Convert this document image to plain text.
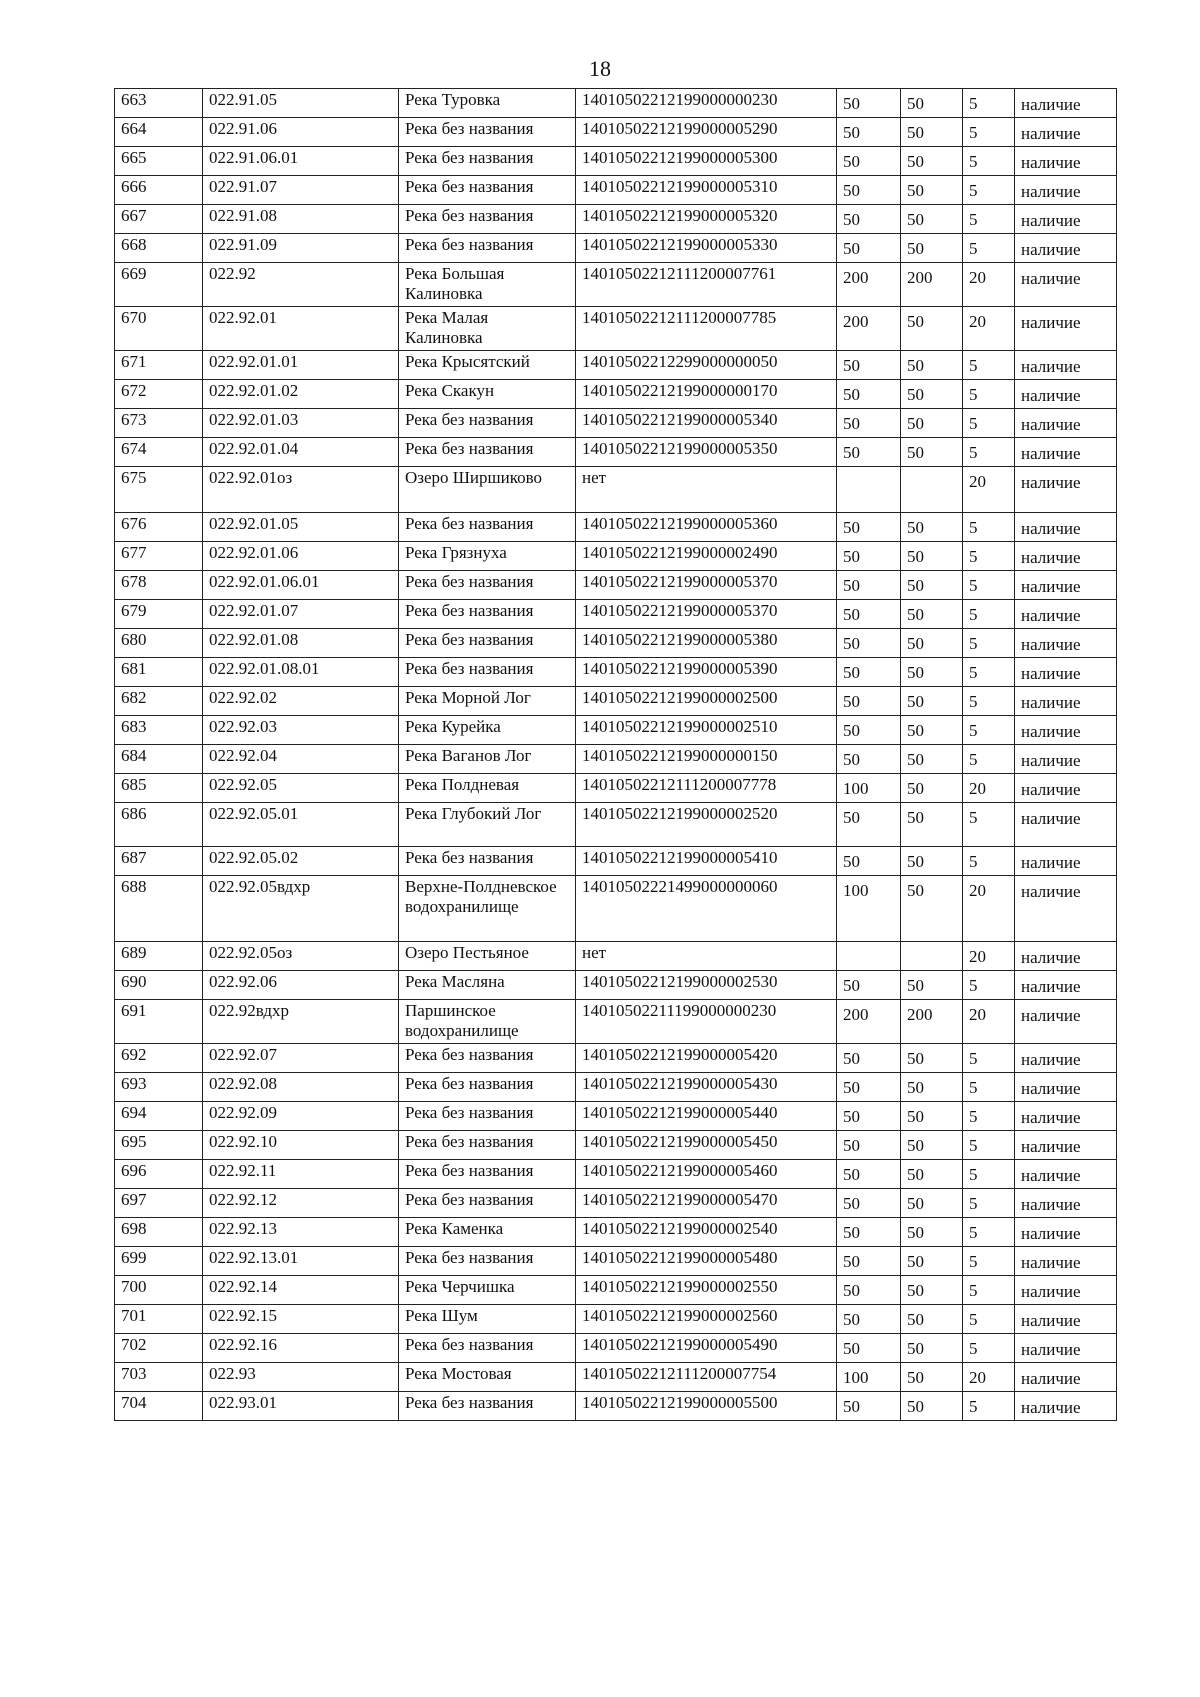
18
663	022.91.05	Река Туровка	14010502212199000000230	50	50	5	наличие
664	022.91.06	Река без названия	14010502212199000005290	50	50	5	наличие
665	022.91.06.01	Река без названия	14010502212199000005300	50	50	5	наличие
666	022.91.07	Река без названия	14010502212199000005310	50	50	5	наличие
667	022.91.08	Река без названия	14010502212199000005320	50	50	5	наличие
668	022.91.09	Река без названия	14010502212199000005330	50	50	5	наличие
669	022.92	Река Большая Калиновка	14010502212111200007761	200	200	20	наличие
670	022.92.01	Река Малая Калиновка	14010502212111200007785	200	50	20	наличие
671	022.92.01.01	Река Крысятский	14010502212299000000050	50	50	5	наличие
672	022.92.01.02	Река Скакун	14010502212199000000170	50	50	5	наличие
673	022.92.01.03	Река без названия	14010502212199000005340	50	50	5	наличие
674	022.92.01.04	Река без названия	14010502212199000005350	50	50	5	наличие
675	022.92.01оз	Озеро Ширшиково	нет			20	наличие
676	022.92.01.05	Река без названия	14010502212199000005360	50	50	5	наличие
677	022.92.01.06	Река Грязнуха	14010502212199000002490	50	50	5	наличие
678	022.92.01.06.01	Река без названия	14010502212199000005370	50	50	5	наличие
679	022.92.01.07	Река без названия	14010502212199000005370	50	50	5	наличие
680	022.92.01.08	Река без названия	14010502212199000005380	50	50	5	наличие
681	022.92.01.08.01	Река без названия	14010502212199000005390	50	50	5	наличие
682	022.92.02	Река Морной Лог	14010502212199000002500	50	50	5	наличие
683	022.92.03	Река Курейка	14010502212199000002510	50	50	5	наличие
684	022.92.04	Река Ваганов Лог	14010502212199000000150	50	50	5	наличие
685	022.92.05	Река Полдневая	14010502212111200007778	100	50	20	наличие
686	022.92.05.01	Река Глубокий Лог	14010502212199000002520	50	50	5	наличие
687	022.92.05.02	Река без названия	14010502212199000005410	50	50	5	наличие
688	022.92.05вдхр	Верхне-Полдневское водохранилище	14010502221499000000060	100	50	20	наличие
689	022.92.05оз	Озеро Пестьяное	нет			20	наличие
690	022.92.06	Река Масляна	14010502212199000002530	50	50	5	наличие
691	022.92вдхр	Паршинское водохранилище	14010502211199000000230	200	200	20	наличие
692	022.92.07	Река без названия	14010502212199000005420	50	50	5	наличие
693	022.92.08	Река без названия	14010502212199000005430	50	50	5	наличие
694	022.92.09	Река без названия	14010502212199000005440	50	50	5	наличие
695	022.92.10	Река без названия	14010502212199000005450	50	50	5	наличие
696	022.92.11	Река без названия	14010502212199000005460	50	50	5	наличие
697	022.92.12	Река без названия	14010502212199000005470	50	50	5	наличие
698	022.92.13	Река Каменка	14010502212199000002540	50	50	5	наличие
699	022.92.13.01	Река без названия	14010502212199000005480	50	50	5	наличие
700	022.92.14	Река Черчишка	14010502212199000002550	50	50	5	наличие
701	022.92.15	Река Шум	14010502212199000002560	50	50	5	наличие
702	022.92.16	Река без названия	14010502212199000005490	50	50	5	наличие
703	022.93	Река Мостовая	14010502212111200007754	100	50	20	наличие
704	022.93.01	Река без названия	14010502212199000005500	50	50	5	наличие
